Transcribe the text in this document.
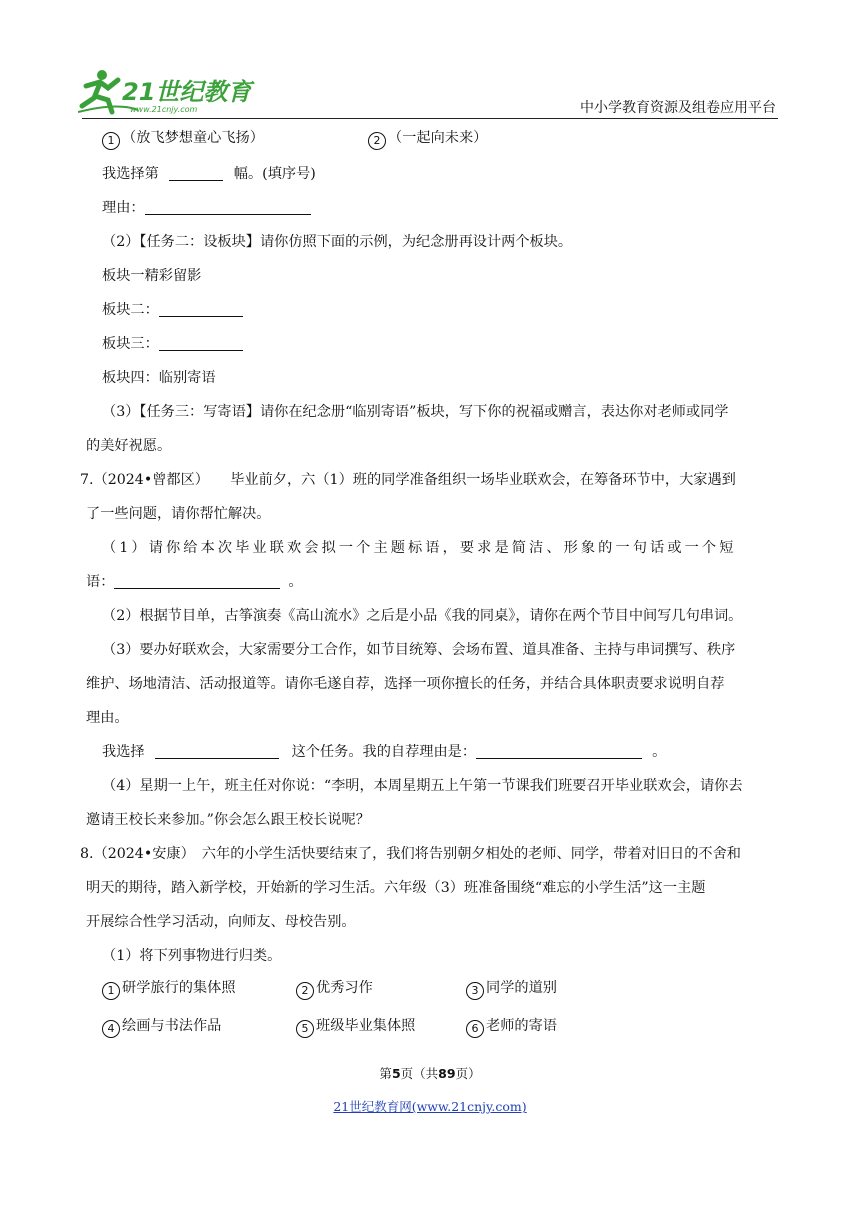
21世纪教育
www.21cnjy.com	中小学教育资源及组卷应用平台
1 （放飞梦想童心飞扬）	2 （一起向未来）
我选择第	幅。(填序号)
理由：
（2）【任务二：设板块】请你仿照下面的示例，为纪念册再设计两个板块。
板块一精彩留影
板块二：
板块三：
板块四：临别寄语
（3）【任务三：写寄语】请你在纪念册“临别寄语”板块，写下你的祝福或赠言，表达你对老师或同学
的美好祝愿。
7.（2024•曾都区）　　毕业前夕，六（1）班的同学准备组织一场毕业联欢会，在筹备环节中，大家遇到
了一些问题，请你帮忙解决。
（1）请你给本次毕业联欢会拟一个主题标语，要求是简洁、形象的一句话或一个短
语：	。
（2）根据节目单，古筝演奏《高山流水》之后是小品《我的同桌》，请你在两个节目中间写几句串词。
（3）要办好联欢会，大家需要分工合作，如节目统筹、会场布置、道具准备、主持与串词撰写、秩序
维护、场地清洁、活动报道等。请你毛遂自荐，选择一项你擅长的任务，并结合具体职责要求说明自荐
理由。
我选择	这个任务。我的自荐理由是：	。
（4）星期一上午，班主任对你说：“李明，本周星期五上午第一节课我们班要召开毕业联欢会，请你去
邀请王校长来参加。”你会怎么跟王校长说呢？
8.（2024•安康）　六年的小学生活快要结束了，我们将告别朝夕相处的老师、同学，带着对旧日的不舍和
明天的期待，踏入新学校，开始新的学习生活。六年级（3）班准备围绕“难忘的小学生活”这一主题
开展综合性学习活动，向师友、母校告别。
（1）将下列事物进行归类。
1 研学旅行的集体照	2 优秀习作	3 同学的道别
4 绘画与书法作品	5 班级毕业集体照	6 老师的寄语
第5页（共89页）
21世纪教育网(www.21cnjy.com)
